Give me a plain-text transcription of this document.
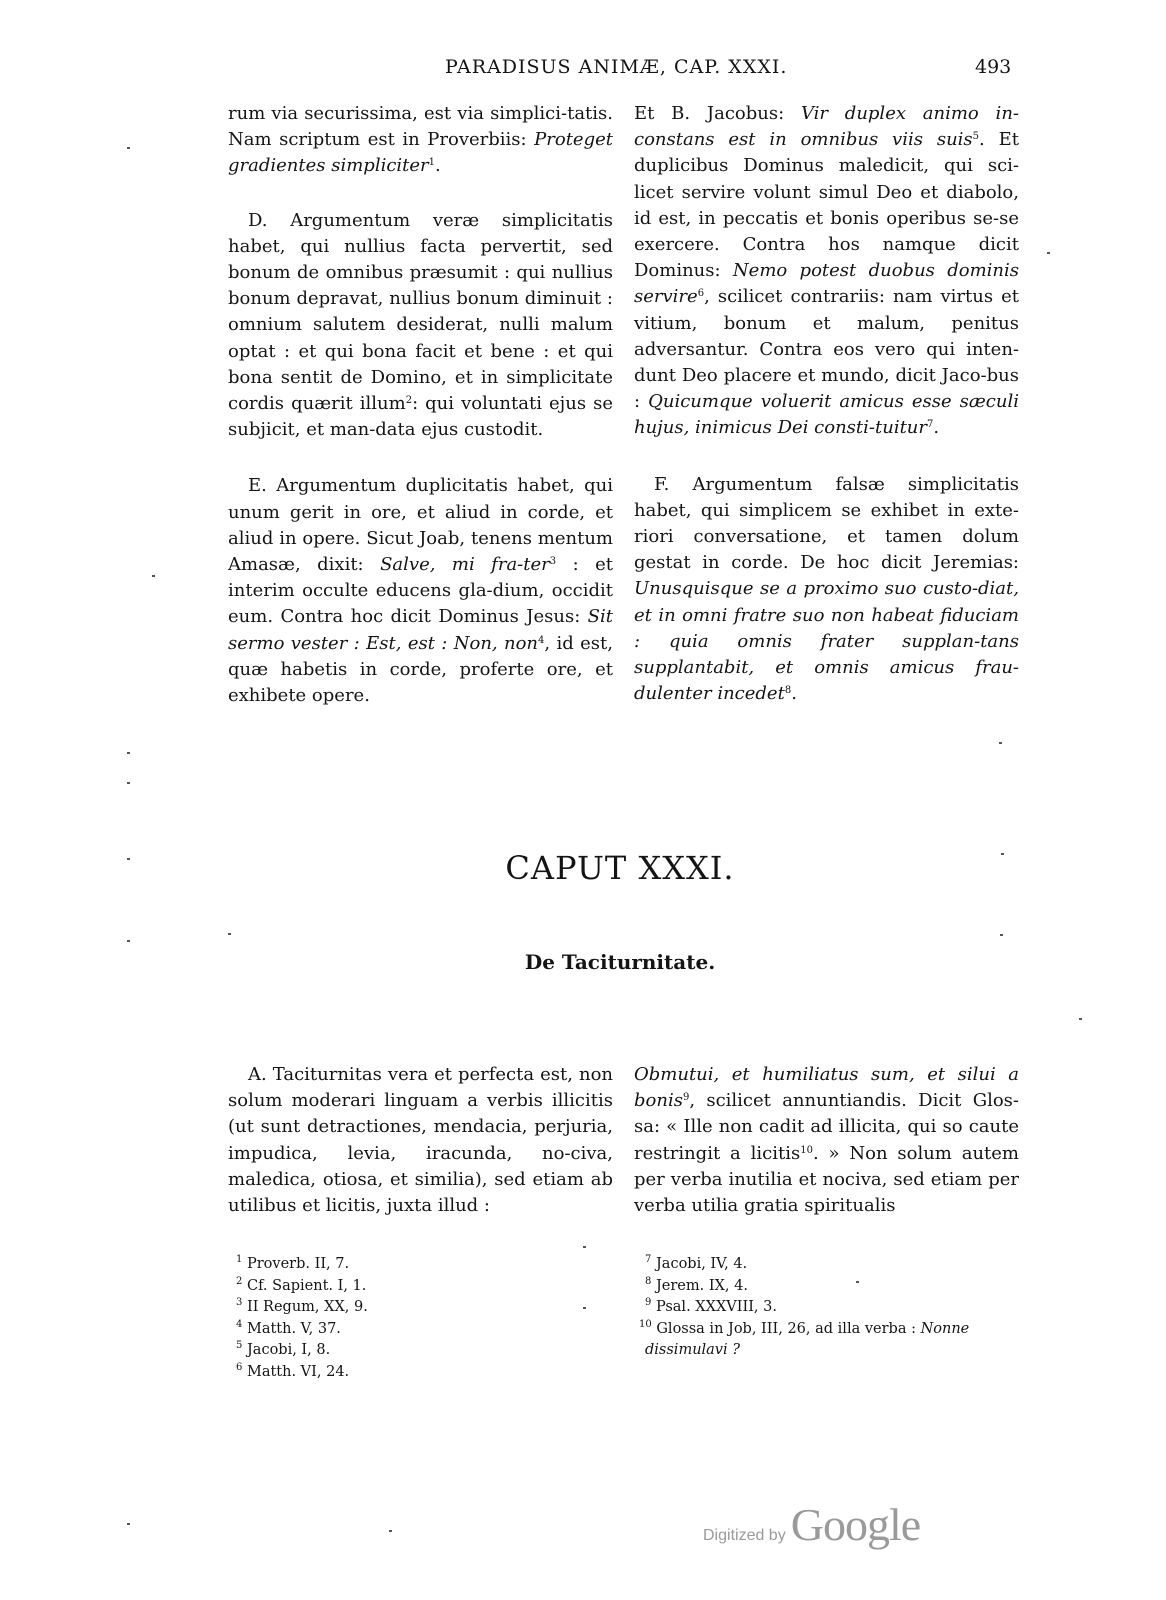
PARADISUS ANIMÆ, CAP. XXXI.	493

rum via securissima, est via simplici-tatis. Nam scriptum est in Proverbiis: Proteget gradientes simpliciter$^1$.

D. Argumentum veræ simplicitatis habet, qui nullius facta pervertit, sed bonum de omnibus præsumit : qui nullius bonum depravat, nullius bonum diminuit : omnium salutem desiderat, nulli malum optat : et qui bona facit et bene : et qui bona sentit de Domino, et in simplicitate cordis quærit illum$^2$: qui voluntati ejus se subjicit, et man-data ejus custodit.

E. Argumentum duplicitatis habet, qui unum gerit in ore, et aliud in corde, et aliud in opere. Sicut Joab, tenens mentum Amasæ, dixit: Salve, mi fra-ter$^3$ : et interim occulte educens gla-dium, occidit eum. Contra hoc dicit Dominus Jesus: Sit sermo vester : Est, est : Non, non$^4$, id est, quæ habetis in corde, proferte ore, et exhibete opere.

Et B. Jacobus: Vir duplex animo in-constans est in omnibus viis suis$^5$. Et duplicibus Dominus maledicit, qui sci-licet servire volunt simul Deo et diabolo, id est, in peccatis et bonis operibus se-se exercere. Contra hos namque dicit Dominus: Nemo potest duobus dominis servire$^6$, scilicet contrariis: nam virtus et vitium, bonum et malum, penitus adversantur. Contra eos vero qui inten-dunt Deo placere et mundo, dicit Jaco-bus : Quicumque voluerit amicus esse sæculi hujus, inimicus Dei consti-tuitur$^7$.

F. Argumentum falsæ simplicitatis habet, qui simplicem se exhibet in exte-riori conversatione, et tamen dolum gestat in corde. De hoc dicit Jeremias: Unusquisque se a proximo suo custo-diat, et in omni fratre suo non habeat fiduciam : quia omnis frater supplan-tans supplantabit, et omnis amicus frau-dulenter incedet$^8$.

CAPUT XXXI.
De Taciturnitate.

A. Taciturnitas vera et perfecta est, non solum moderari linguam a verbis illicitis (ut sunt detractiones, mendacia, perjuria, impudica, levia, iracunda, no-civa, maledica, otiosa, et similia), sed etiam ab utilibus et licitis, juxta illud :

Obmutui, et humiliatus sum, et silui a bonis$^9$, scilicet annuntiandis. Dicit Glos-sa: « Ille non cadit ad illicita, qui so caute restringit a licitis$^{10}$. » Non solum autem per verba inutilia et nociva, sed etiam per verba utilia gratia spiritualis

$^1$ Proverb. II, 7.

$^2$ Cf. Sapient. I, 1.

$^3$ II Regum, XX, 9.

$^4$ Matth. V, 37.

$^5$ Jacobi, I, 8.

$^6$ Matth. VI, 24.

$^7$ Jacobi, IV, 4.

$^8$ Jerem. IX, 4.

$^9$ Psal. XXXVIII, 3.

$^{10}$ Glossa in Job, III, 26, ad illa verba : Nonne dissimulavi ?

Digitized by Google
